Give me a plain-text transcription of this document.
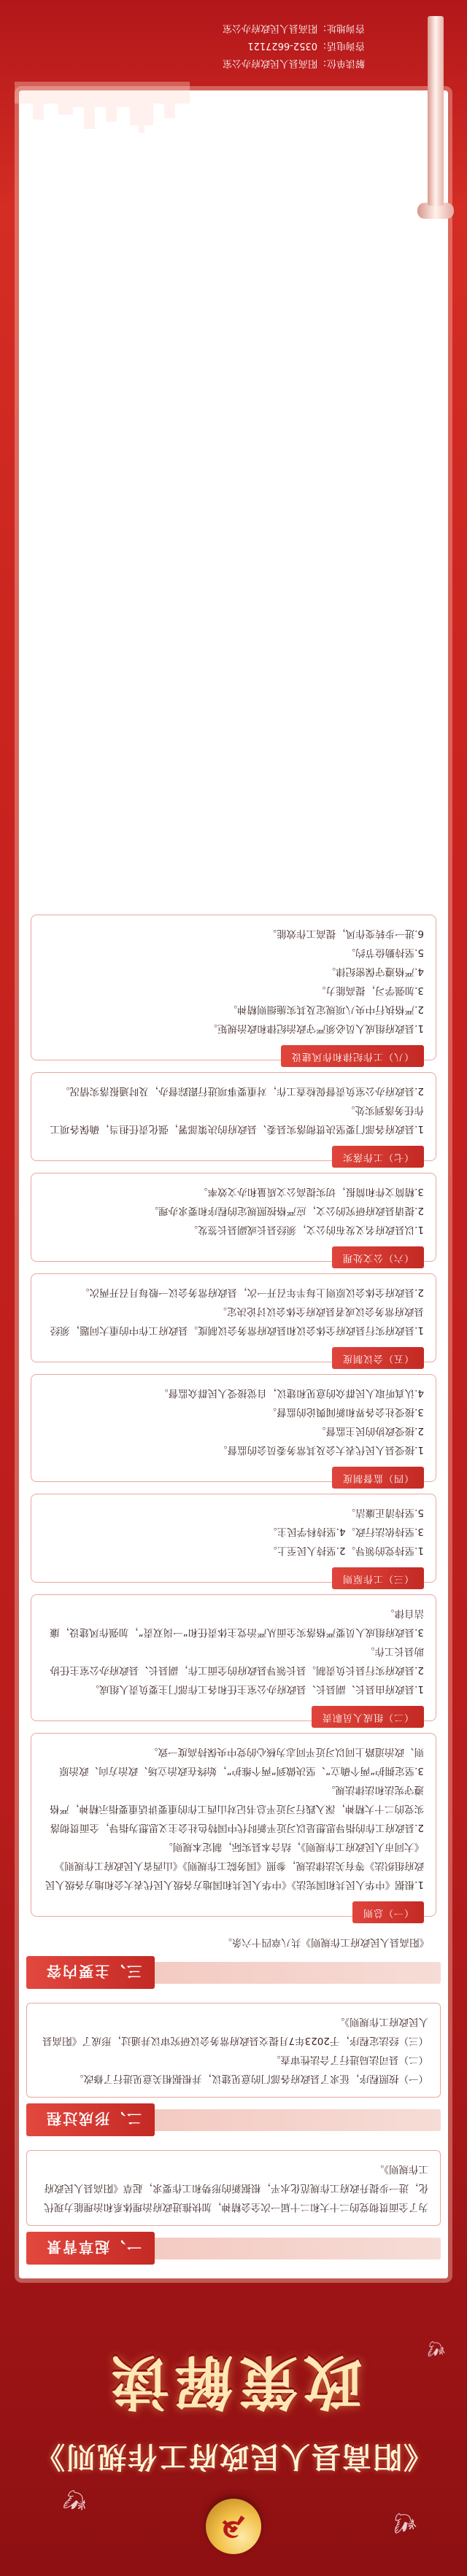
🕊
🕊
🕊
☭
《阳高县人民政府工作规则》
政策解读
一、起草背景

为了全面贯彻党的二十大和二十届一次全会精神，加快推进政府治理体系和治理能力现代化，进一步提升政府工作规范化水平，根据新的形势和工作要求，起草《阳高县人民政府工作规则》。

二、形成过程

（一）按照程序，征求了县政府各部门的意见建议，并根据相关意见进行了修改。

（二）县司法局进行了合法性审查。

（三）经法定程序，于2023年7月提交县政府常务会议研究审议并通过，形成了《阳高县人民政府工作规则》。

三、主要内容
《阳高县人民政府工作规则》共八章四十六条。
（一）总则

1.根据《中华人民共和国宪法》《中华人民共和国地方各级人民代表大会和地方各级人民政府组织法》等有关法律法规，参照《国务院工作规则》《山西省人民政府工作规则》《大同市人民政府工作规则》，结合本县实际，制定本规则。

2.县政府工作的指导思想是以习近平新时代中国特色社会主义思想为指导，全面贯彻落实党的二十大精神，深入践行习近平总书记对山西工作的重要讲话重要指示精神，严格遵守宪法和法律法规。

3.坚定拥护“两个确立”、坚决做到“两个维护”，始终在政治立场、政治方向、政治原则、政治道路上同以习近平同志为核心的党中央保持高度一致。

（二）组成人员职责

1.县政府由县长、副县长、县政府办公室主任和各工作部门主要负责人组成。

2.县政府实行县长负责制。县长领导县政府的全面工作，副县长、县政府办公室主任协助县长工作。

3.县政府组成人员要严格落实全面从严治党主体责任和“一岗双责”，加强作风建设，廉洁自律。

（三）工作原则

1.坚持党的领导。2.坚持人民至上。

3.坚持依法行政。4.坚持科学民主。

5.坚持清正廉洁。

（四）监督制度

1.接受县人民代表大会及其常务委员会的监督。

2.接受政协的民主监督。

3.接受社会各界和新闻舆论的监督。

4.认真听取人民群众的意见和建议，自觉接受人民群众监督。

（五）会议制度

1.县政府实行县政府全体会议和县政府常务会议制度。县政府工作中的重大问题，须经县政府常务会议或者县政府全体会议讨论决定。

2.县政府全体会议原则上每半年召开一次，县政府常务会议一般每月召开两次。

（六）公文处理

1.以县政府名义发布的公文，须经县长或副县长签发。

2.提请县政府研究的公文，应严格按照规定的程序和要求办理。

3.精简文件和简报，切实提高公文质量和办文效率。

（七）工作落实

1.县政府各部门要坚决贯彻落实县委、县政府的决策部署，强化责任担当，确保各项工作任务落到实处。

2.县政府办公室负责督促检查工作，对重要事项进行跟踪督办，及时通报落实情况。

（八）工作纪律和作风建设

1.县政府组成人员必须严守政治纪律和政治规矩。

2.严格执行中央八项规定及其实施细则精神。

3.加强学习，提高能力。

4.严格遵守保密纪律。

5.坚持勤俭节约。

6.进一步转变作风，提高工作效能。

解读单位：阳高县人民政府办公室
咨询电话：0352-6627121
咨询地址：阳高县人民政府办公室
